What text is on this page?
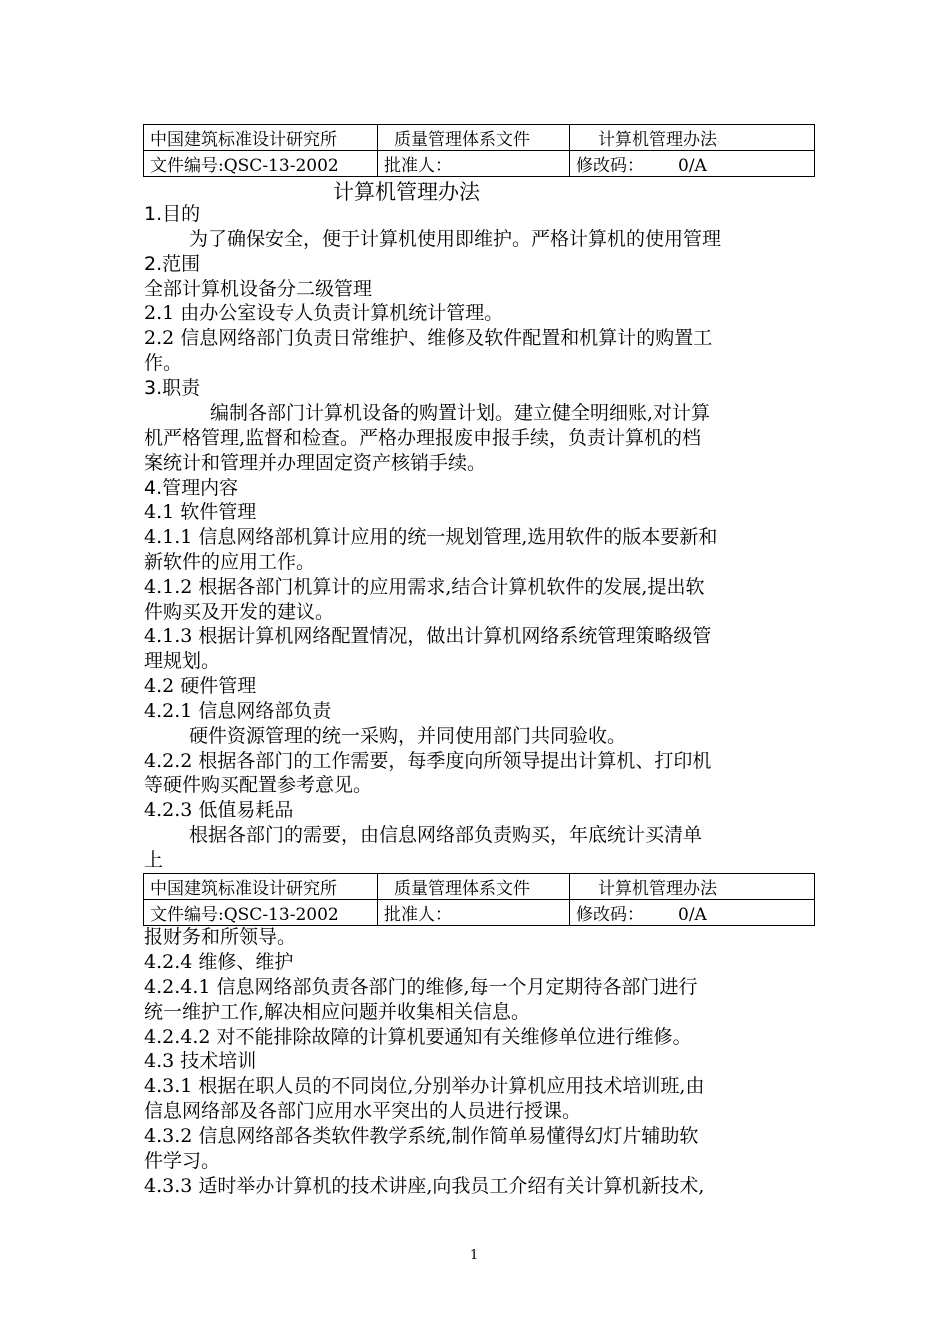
中国建筑标准设计研究所	质量管理体系文件	计算机管理办法
文件编号:QSC-13-2002	批准人：	修改码： 0/A
计算机管理办法
1.目的
为了确保安全，便于计算机使用即维护。严格计算机的使用管理
2.范围
全部计算机设备分二级管理
2.1 由办公室设专人负责计算机统计管理。
2.2 信息网络部门负责日常维护、维修及软件配置和机算计的购置工
作。
3.职责
编制各部门计算机设备的购置计划。建立健全明细账,对计算
机严格管理,监督和检查。严格办理报废申报手续，负责计算机的档
案统计和管理并办理固定资产核销手续。
4.管理内容
4.1 软件管理
4.1.1 信息网络部机算计应用的统一规划管理,选用软件的版本要新和
新软件的应用工作。
4.1.2 根据各部门机算计的应用需求,结合计算机软件的发展,提出软
件购买及开发的建议。
4.1.3 根据计算机网络配置情况，做出计算机网络系统管理策略级管
理规划。
4.2 硬件管理
4.2.1 信息网络部负责
硬件资源管理的统一采购，并同使用部门共同验收。
4.2.2 根据各部门的工作需要，每季度向所领导提出计算机、打印机
等硬件购买配置参考意见。
4.2.3 低值易耗品
根据各部门的需要，由信息网络部负责购买，年底统计买清单
上
中国建筑标准设计研究所	质量管理体系文件	计算机管理办法
文件编号:QSC-13-2002	批准人：	修改码： 0/A
报财务和所领导。
4.2.4 维修、维护
4.2.4.1 信息网络部负责各部门的维修,每一个月定期待各部门进行
统一维护工作,解决相应问题并收集相关信息。
4.2.4.2 对不能排除故障的计算机要通知有关维修单位进行维修。
4.3 技术培训
4.3.1 根据在职人员的不同岗位,分别举办计算机应用技术培训班,由
信息网络部及各部门应用水平突出的人员进行授课。
4.3.2 信息网络部各类软件教学系统,制作简单易懂得幻灯片辅助软
件学习。
4.3.3 适时举办计算机的技术讲座,向我员工介绍有关计算机新技术,
1
